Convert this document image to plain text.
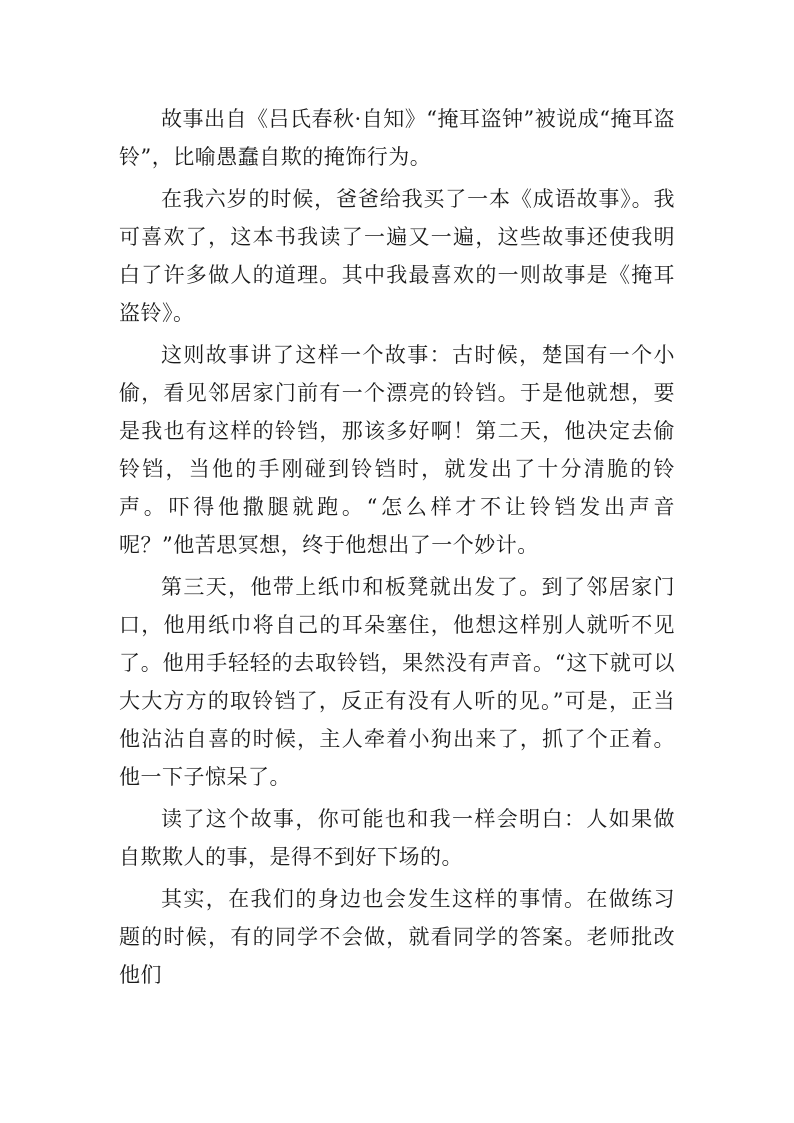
故事出自《吕氏春秋·自知》“掩耳盗钟”被说成“掩耳盗铃”，比喻愚蠢自欺的掩饰行为。

在我六岁的时候，爸爸给我买了一本《成语故事》。我可喜欢了，这本书我读了一遍又一遍，这些故事还使我明白了许多做人的道理。其中我最喜欢的一则故事是《掩耳盗铃》。

这则故事讲了这样一个故事：古时候，楚国有一个小偷，看见邻居家门前有一个漂亮的铃铛。于是他就想，要是我也有这样的铃铛，那该多好啊！第二天，他决定去偷铃铛，当他的手刚碰到铃铛时，就发出了十分清脆的铃声。吓得他撒腿就跑。“怎么样才不让铃铛发出声音呢？”他苦思冥想，终于他想出了一个妙计。

第三天，他带上纸巾和板凳就出发了。到了邻居家门口，他用纸巾将自己的耳朵塞住，他想这样别人就听不见了。他用手轻轻的去取铃铛，果然没有声音。“这下就可以大大方方的取铃铛了，反正有没有人听的见。”可是，正当他沾沾自喜的时候，主人牵着小狗出来了，抓了个正着。他一下子惊呆了。

读了这个故事，你可能也和我一样会明白：人如果做自欺欺人的事，是得不到好下场的。

其实，在我们的身边也会发生这样的事情。在做练习题的时候，有的同学不会做，就看同学的答案。老师批改他们
